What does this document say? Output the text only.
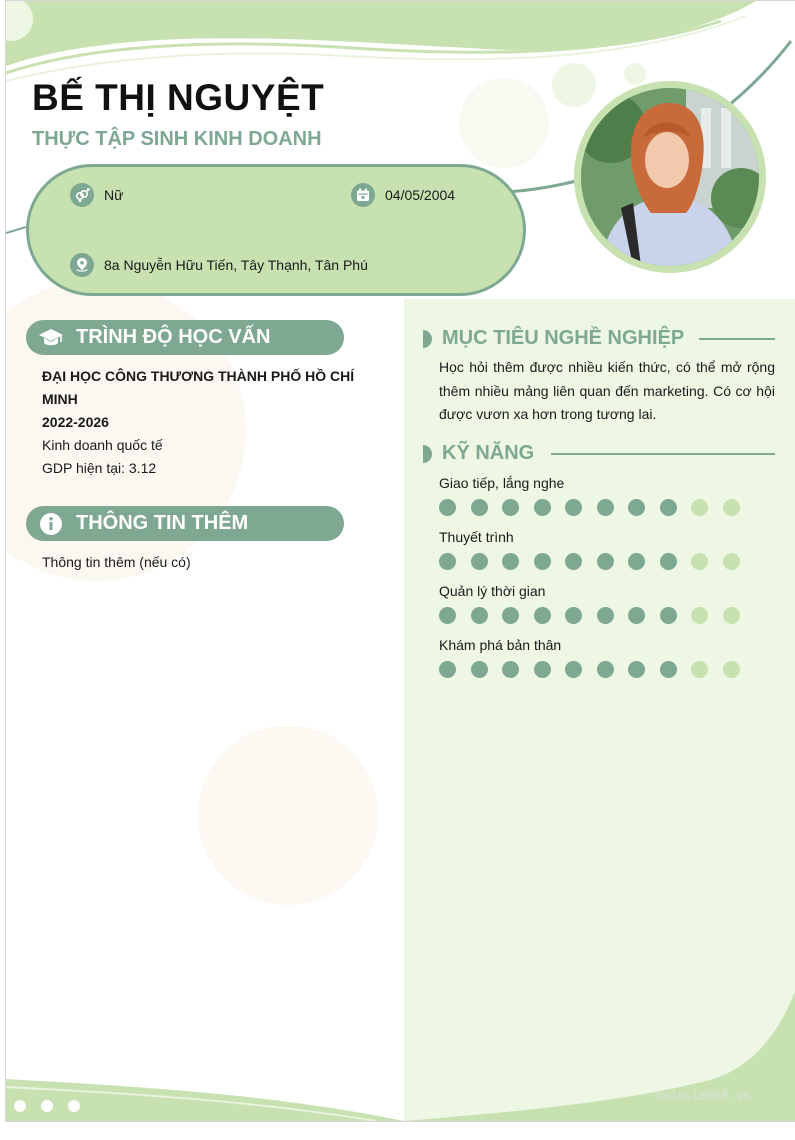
BẾ THỊ NGUYỆT
THỰC TẬP SINH KINH DOANH
Nữ	04/05/2004
8a Nguyễn Hữu Tiến, Tây Thạnh, Tân Phú
TRÌNH ĐỘ HỌC VẤN
ĐẠI HỌC CÔNG THƯƠNG THÀNH PHỐ HỒ CHÍ
MINH
2022-2026
Kinh doanh quốc tế
GDP hiện tại: 3.12
THÔNG TIN THÊM
Thông tin thêm (nếu có)
MỤC TIÊU NGHỀ NGHIỆP
Học hỏi thêm được nhiều kiến thức, có thể mở rộng thêm nhiều mảng liên quan đến marketing. Có cơ hội được vươn xa hơn trong tương lai.
KỸ NĂNG
Giao tiếp, lắng nghe
Thuyết trình
Quản lý thời gian
Khám phá bản thân
©vieclam88.vn
